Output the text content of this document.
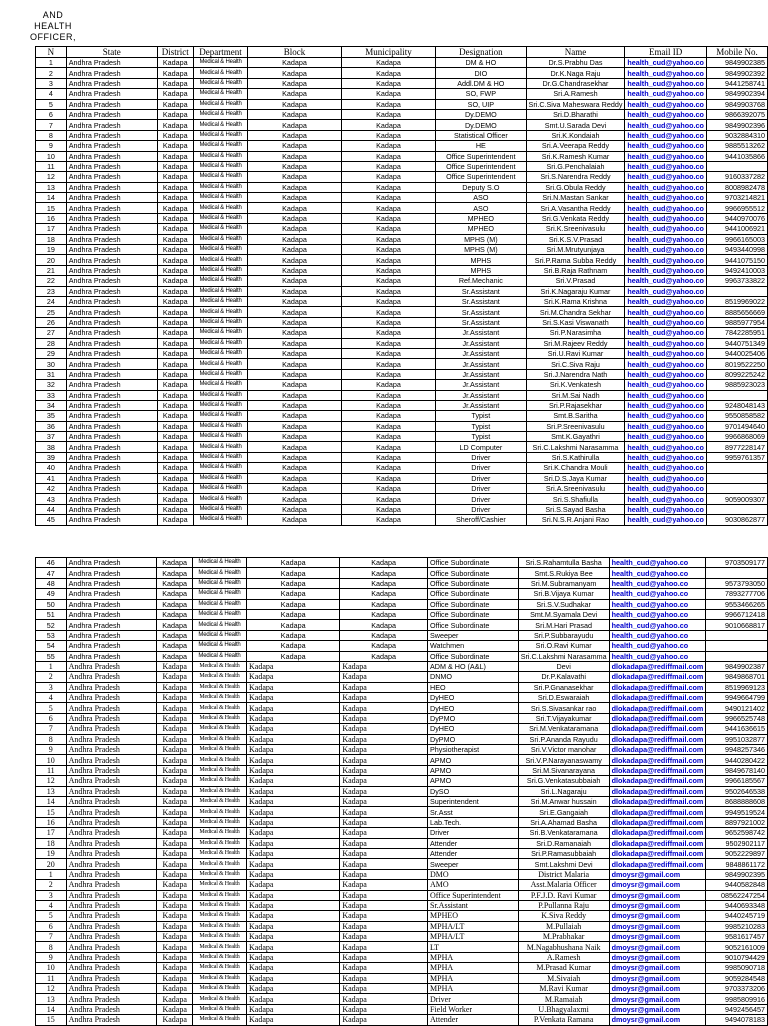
AND
HEALTH
OFFICER,
N	State	District	Department	Block	Municipality	Designation	Name	Email ID	Mobile No.
1	Andhra Pradesh	Kadapa	Medical & Health	Kadapa	Kadapa	DM & HO	Dr.S.Prabhu Das	health_cud@yahoo.co	9849902385
2	Andhra Pradesh	Kadapa	Medical & Health	Kadapa	Kadapa	DIO	Dr.K.Naga Raju	health_cud@yahoo.co	9849902392
3	Andhra Pradesh	Kadapa	Medical & Health	Kadapa	Kadapa	Addl.DM & HO	Dr.G.Chandrasekhar	health_cud@yahoo.co	9441258741
4	Andhra Pradesh	Kadapa	Medical & Health	Kadapa	Kadapa	SO, FWP	Sri.A.Ramesh	health_cud@yahoo.co	9849902394
5	Andhra Pradesh	Kadapa	Medical & Health	Kadapa	Kadapa	SO, UIP	Sri.C.Siva Maheswara Reddy	health_cud@yahoo.co	9849903768
6	Andhra Pradesh	Kadapa	Medical & Health	Kadapa	Kadapa	Dy.DEMO	Sri.D.Bharathi	health_cud@yahoo.co	9866392075
7	Andhra Pradesh	Kadapa	Medical & Health	Kadapa	Kadapa	Dy.DEMO	Smt.U.Sarada Devi	health_cud@yahoo.co	9849902396
8	Andhra Pradesh	Kadapa	Medical & Health	Kadapa	Kadapa	Statistical Officer	Sri.K.Kondaiah	health_cud@yahoo.co	9032884310
9	Andhra Pradesh	Kadapa	Medical & Health	Kadapa	Kadapa	HE	Sri.A.Veerapa Reddy	health_cud@yahoo.co	9885513262
10	Andhra Pradesh	Kadapa	Medical & Health	Kadapa	Kadapa	Office Superintendent	Sri.K.Ramesh Kumar	health_cud@yahoo.co	9441035866
11	Andhra Pradesh	Kadapa	Medical & Health	Kadapa	Kadapa	Office Superintendent	Sri.G.Penchalaiah	health_cud@yahoo.co	
12	Andhra Pradesh	Kadapa	Medical & Health	Kadapa	Kadapa	Office Superintendent	Sri.S.Narendra Reddy	health_cud@yahoo.co	9160337282
13	Andhra Pradesh	Kadapa	Medical & Health	Kadapa	Kadapa	Deputy S.O	Sri.G.Obula Reddy	health_cud@yahoo.co	8008982478
14	Andhra Pradesh	Kadapa	Medical & Health	Kadapa	Kadapa	ASO	Sri.N.Mastan Sankar	health_cud@yahoo.co	9703214821
15	Andhra Pradesh	Kadapa	Medical & Health	Kadapa	Kadapa	ASO	Sri.A.Vasantha Reddy	health_cud@yahoo.co	9966955512
16	Andhra Pradesh	Kadapa	Medical & Health	Kadapa	Kadapa	MPHEO	Sri.G.Venkata Reddy	health_cud@yahoo.co	9440970076
17	Andhra Pradesh	Kadapa	Medical & Health	Kadapa	Kadapa	MPHEO	Sri.K.Sreenivasulu	health_cud@yahoo.co	9441006921
18	Andhra Pradesh	Kadapa	Medical & Health	Kadapa	Kadapa	MPHS (M)	Sri.K.S.V.Prasad	health_cud@yahoo.co	9966165003
19	Andhra Pradesh	Kadapa	Medical & Health	Kadapa	Kadapa	MPHS (M)	Sri.M.Mrutyunjaya	health_cud@yahoo.co	9493440998
20	Andhra Pradesh	Kadapa	Medical & Health	Kadapa	Kadapa	MPHS	Sri.P.Rama Subba Reddy	health_cud@yahoo.co	9441075150
21	Andhra Pradesh	Kadapa	Medical & Health	Kadapa	Kadapa	MPHS	Sri.B.Raja Rathnam	health_cud@yahoo.co	9492410003
22	Andhra Pradesh	Kadapa	Medical & Health	Kadapa	Kadapa	Ref.Mechanic	Sri.V.Prasad	health_cud@yahoo.co	9963733822
23	Andhra Pradesh	Kadapa	Medical & Health	Kadapa	Kadapa	Sr.Assistant	Sri.K.Nagaraju Kumar	health_cud@yahoo.co	
24	Andhra Pradesh	Kadapa	Medical & Health	Kadapa	Kadapa	Sr.Assistant	Sri.K.Rama Krishna	health_cud@yahoo.co	8519969022
25	Andhra Pradesh	Kadapa	Medical & Health	Kadapa	Kadapa	Sr.Assistant	Sri.M.Chandra Sekhar	health_cud@yahoo.co	8885656669
26	Andhra Pradesh	Kadapa	Medical & Health	Kadapa	Kadapa	Sr.Assistant	Sri.S.Kasi Viswanath	health_cud@yahoo.co	9885977954
27	Andhra Pradesh	Kadapa	Medical & Health	Kadapa	Kadapa	Jr.Assistant	Sri.P.Narasimha	health_cud@yahoo.co	7842285951
28	Andhra Pradesh	Kadapa	Medical & Health	Kadapa	Kadapa	Jr.Assistant	Sri.M.Rajeev Reddy	health_cud@yahoo.co	9440751349
29	Andhra Pradesh	Kadapa	Medical & Health	Kadapa	Kadapa	Jr.Assistant	Sri.U.Ravi Kumar	health_cud@yahoo.co	9440025406
30	Andhra Pradesh	Kadapa	Medical & Health	Kadapa	Kadapa	Jr.Assistant	Sri.C.Siva Raju	health_cud@yahoo.co	8019522250
31	Andhra Pradesh	Kadapa	Medical & Health	Kadapa	Kadapa	Jr.Assistant	Sri.J.Narendra Nath	health_cud@yahoo.co	8099225242
32	Andhra Pradesh	Kadapa	Medical & Health	Kadapa	Kadapa	Jr.Assistant	Sri.K.Venkatesh	health_cud@yahoo.co	9885923023
33	Andhra Pradesh	Kadapa	Medical & Health	Kadapa	Kadapa	Jr.Assistant	Sri.M.Sai Nadh	health_cud@yahoo.co	
34	Andhra Pradesh	Kadapa	Medical & Health	Kadapa	Kadapa	Jr.Assistant	Sri.P.Rajasekhar	health_cud@yahoo.co	9248048143
35	Andhra Pradesh	Kadapa	Medical & Health	Kadapa	Kadapa	Typist	Smt.B.Saritha	health_cud@yahoo.co	9550858582
36	Andhra Pradesh	Kadapa	Medical & Health	Kadapa	Kadapa	Typist	Sri.P.Sreenivasulu	health_cud@yahoo.co	9701494640
37	Andhra Pradesh	Kadapa	Medical & Health	Kadapa	Kadapa	Typist	Smt.K.Gayathri	health_cud@yahoo.co	9966868069
38	Andhra Pradesh	Kadapa	Medical & Health	Kadapa	Kadapa	LD Computer	Sri.C.Lakshmi Narasamma	health_cud@yahoo.co	8977228147
39	Andhra Pradesh	Kadapa	Medical & Health	Kadapa	Kadapa	Driver	Sri.S.Kathirulla	health_cud@yahoo.co	9959761357
40	Andhra Pradesh	Kadapa	Medical & Health	Kadapa	Kadapa	Driver	Sri.K.Chandra Mouli	health_cud@yahoo.co	
41	Andhra Pradesh	Kadapa	Medical & Health	Kadapa	Kadapa	Driver	Sri.D.S.Jaya Kumar	health_cud@yahoo.co	
42	Andhra Pradesh	Kadapa	Medical & Health	Kadapa	Kadapa	Driver	Sri.A.Sreenivasulu	health_cud@yahoo.co	
43	Andhra Pradesh	Kadapa	Medical & Health	Kadapa	Kadapa	Driver	Sri.S.Shafiulla	health_cud@yahoo.co	9059009307
44	Andhra Pradesh	Kadapa	Medical & Health	Kadapa	Kadapa	Driver	Sri.S.Sayad Basha	health_cud@yahoo.co	
45	Andhra Pradesh	Kadapa	Medical & Health	Kadapa	Kadapa	Sheroff/Cashier	Sri.N.S.R.Anjani Rao	health_cud@yahoo.co	9030862877
46	Andhra Pradesh	Kadapa	Medical & Health	Kadapa	Kadapa	Office Subordinate	Sri.S.Rahamtulla Basha	health_cud@yahoo.co	9703509177
47	Andhra Pradesh	Kadapa	Medical & Health	Kadapa	Kadapa	Office Subordinate	Smt.S.Rukiya Bee	health_cud@yahoo.co	
48	Andhra Pradesh	Kadapa	Medical & Health	Kadapa	Kadapa	Office Subordinate	Sri.M.Subramanyam	health_cud@yahoo.co	9573793050
49	Andhra Pradesh	Kadapa	Medical & Health	Kadapa	Kadapa	Office Subordinate	Sri.B.Vijaya Kumar	health_cud@yahoo.co	7893277706
50	Andhra Pradesh	Kadapa	Medical & Health	Kadapa	Kadapa	Office Subordinate	Sri.S.V.Sudhakar	health_cud@yahoo.co	9553466265
51	Andhra Pradesh	Kadapa	Medical & Health	Kadapa	Kadapa	Office Subordinate	Smt.M.Syamala Devi	health_cud@yahoo.co	9966712418
52	Andhra Pradesh	Kadapa	Medical & Health	Kadapa	Kadapa	Office Subordinate	Sri.M.Hari Prasad	health_cud@yahoo.co	9010668817
53	Andhra Pradesh	Kadapa	Medical & Health	Kadapa	Kadapa	Sweeper	Sri.P.Subbarayudu	health_cud@yahoo.co	
54	Andhra Pradesh	Kadapa	Medical & Health	Kadapa	Kadapa	Watchmen	Sri.O.Ravi Kumar	health_cud@yahoo.co	
55	Andhra Pradesh	Kadapa	Medical & Health	Kadapa	Kadapa	Office Subordinate	Sri.C.Lakshmi Narasamma	health_cud@yahoo.co	
1	Andhra Pradesh	Kadapa	Medical & Health	Kadapa	Kadapa	ADM & HO (A&L)	Devi	dlokadapa@rediffmail.com	9849902387
2	Andhra Pradesh	Kadapa	Medical & Health	Kadapa	Kadapa	DNMO	Dr.P.Kalavathi	dlokadapa@rediffmail.com	9849868701
3	Andhra Pradesh	Kadapa	Medical & Health	Kadapa	Kadapa	HEO	Sri.P.Gnanasekhar	dlokadapa@rediffmail.com	8519969123
4	Andhra Pradesh	Kadapa	Medical & Health	Kadapa	Kadapa	DyHEO	Sri.D.Eswaraiah	dlokadapa@rediffmail.com	9949664799
5	Andhra Pradesh	Kadapa	Medical & Health	Kadapa	Kadapa	DyHEO	Sri.S.Sivasankar rao	dlokadapa@rediffmail.com	9490121402
6	Andhra Pradesh	Kadapa	Medical & Health	Kadapa	Kadapa	DyPMO	Sri.T.Vijayakumar	dlokadapa@rediffmail.com	9966525748
7	Andhra Pradesh	Kadapa	Medical & Health	Kadapa	Kadapa	DyHEO	Sri.M.Venkataramana	dlokadapa@rediffmail.com	9441636615
8	Andhra Pradesh	Kadapa	Medical & Health	Kadapa	Kadapa	DyPMO	Sri.P.Ananda Rayudu	dlokadapa@rediffmail.com	9951032877
9	Andhra Pradesh	Kadapa	Medical & Health	Kadapa	Kadapa	Physiotherapist	Sri.V.Victor manohar	dlokadapa@rediffmail.com	9948257346
10	Andhra Pradesh	Kadapa	Medical & Health	Kadapa	Kadapa	APMO	Sri.V.P.Narayanaswamy	dlokadapa@rediffmail.com	9440280422
11	Andhra Pradesh	Kadapa	Medical & Health	Kadapa	Kadapa	APMO	Sri.M.Sivanarayana	dlokadapa@rediffmail.com	9849678140
12	Andhra Pradesh	Kadapa	Medical & Health	Kadapa	Kadapa	APMO	Sri.G.Venkatasubbaiah	dlokadapa@rediffmail.com	9966185567
13	Andhra Pradesh	Kadapa	Medical & Health	Kadapa	Kadapa	DySO	Sri.L.Nagaraju	dlokadapa@rediffmail.com	9502646538
14	Andhra Pradesh	Kadapa	Medical & Health	Kadapa	Kadapa	Superintendent	Sri.M.Anwar hussain	dlokadapa@rediffmail.com	8688888608
15	Andhra Pradesh	Kadapa	Medical & Health	Kadapa	Kadapa	Sr.Asst	Sri.E.Gangaiah	dlokadapa@rediffmail.com	9949519524
16	Andhra Pradesh	Kadapa	Medical & Health	Kadapa	Kadapa	Lab.Tech.	Sri.A.Ahamad Basha	dlokadapa@rediffmail.com	8897921002
17	Andhra Pradesh	Kadapa	Medical & Health	Kadapa	Kadapa	Driver	Sri.B.Venkataramana	dlokadapa@rediffmail.com	9652598742
18	Andhra Pradesh	Kadapa	Medical & Health	Kadapa	Kadapa	Attender	Sri.D.Ramanaiah	dlokadapa@rediffmail.com	9502902117
19	Andhra Pradesh	Kadapa	Medical & Health	Kadapa	Kadapa	Attender	Sri.P.Ramasubbaiah	dlokadapa@rediffmail.com	9052229897
20	Andhra Pradesh	Kadapa	Medical & Health	Kadapa	Kadapa	Sweeper	Smt.Lakshmi Devi	dlokadapa@rediffmail.com	9848861172
1	Andhra Pradesh	Kadapa	Medical & Health	Kadapa	Kadapa	DMO	District Malaria	dmoysr@gmail.com	9849902395
2	Andhra Pradesh	Kadapa	Medical & Health	Kadapa	Kadapa	AMO	Asst.Malaria Officer	dmoysr@gmail.com	9440582848
3	Andhra Pradesh	Kadapa	Medical & Health	Kadapa	Kadapa	Office Superintendent	P.F.J.D. Ravi Kumar	dmoysr@gmail.com	08562247254
4	Andhra Pradesh	Kadapa	Medical & Health	Kadapa	Kadapa	Sr.Assistant	P.Pullanna Raju	dmoysr@gmail.com	9440693348
5	Andhra Pradesh	Kadapa	Medical & Health	Kadapa	Kadapa	MPHEO	K.Siva Reddy	dmoysr@gmail.com	9440245719
6	Andhra Pradesh	Kadapa	Medical & Health	Kadapa	Kadapa	MPHA/LT	M.Pullaiah	dmoysr@gmail.com	9985210283
7	Andhra Pradesh	Kadapa	Medical & Health	Kadapa	Kadapa	MPHA/LT	M.Prabhakar	dmoysr@gmail.com	9581617457
8	Andhra Pradesh	Kadapa	Medical & Health	Kadapa	Kadapa	LT	M.Nagabhushana Naik	dmoysr@gmail.com	9052161009
9	Andhra Pradesh	Kadapa	Medical & Health	Kadapa	Kadapa	MPHA	A.Ramesh	dmoysr@gmail.com	9010794429
10	Andhra Pradesh	Kadapa	Medical & Health	Kadapa	Kadapa	MPHA	M.Prasad Kumar	dmoysr@gmail.com	9985090718
11	Andhra Pradesh	Kadapa	Medical & Health	Kadapa	Kadapa	MPHA	M.Sivaiah	dmoysr@gmail.com	9059284548
12	Andhra Pradesh	Kadapa	Medical & Health	Kadapa	Kadapa	MPHA	M.Ravi Kumar	dmoysr@gmail.com	9703373206
13	Andhra Pradesh	Kadapa	Medical & Health	Kadapa	Kadapa	Driver	M.Ramaiah	dmoysr@gmail.com	9985809916
14	Andhra Pradesh	Kadapa	Medical & Health	Kadapa	Kadapa	Field Worker	U.Bhagyalaxmi	dmoysr@gmail.com	9492456457
15	Andhra Pradesh	Kadapa	Medical & Health	Kadapa	Kadapa	Attender	P.Venkata Ramana	dmoysr@gmail.com	9494078183
